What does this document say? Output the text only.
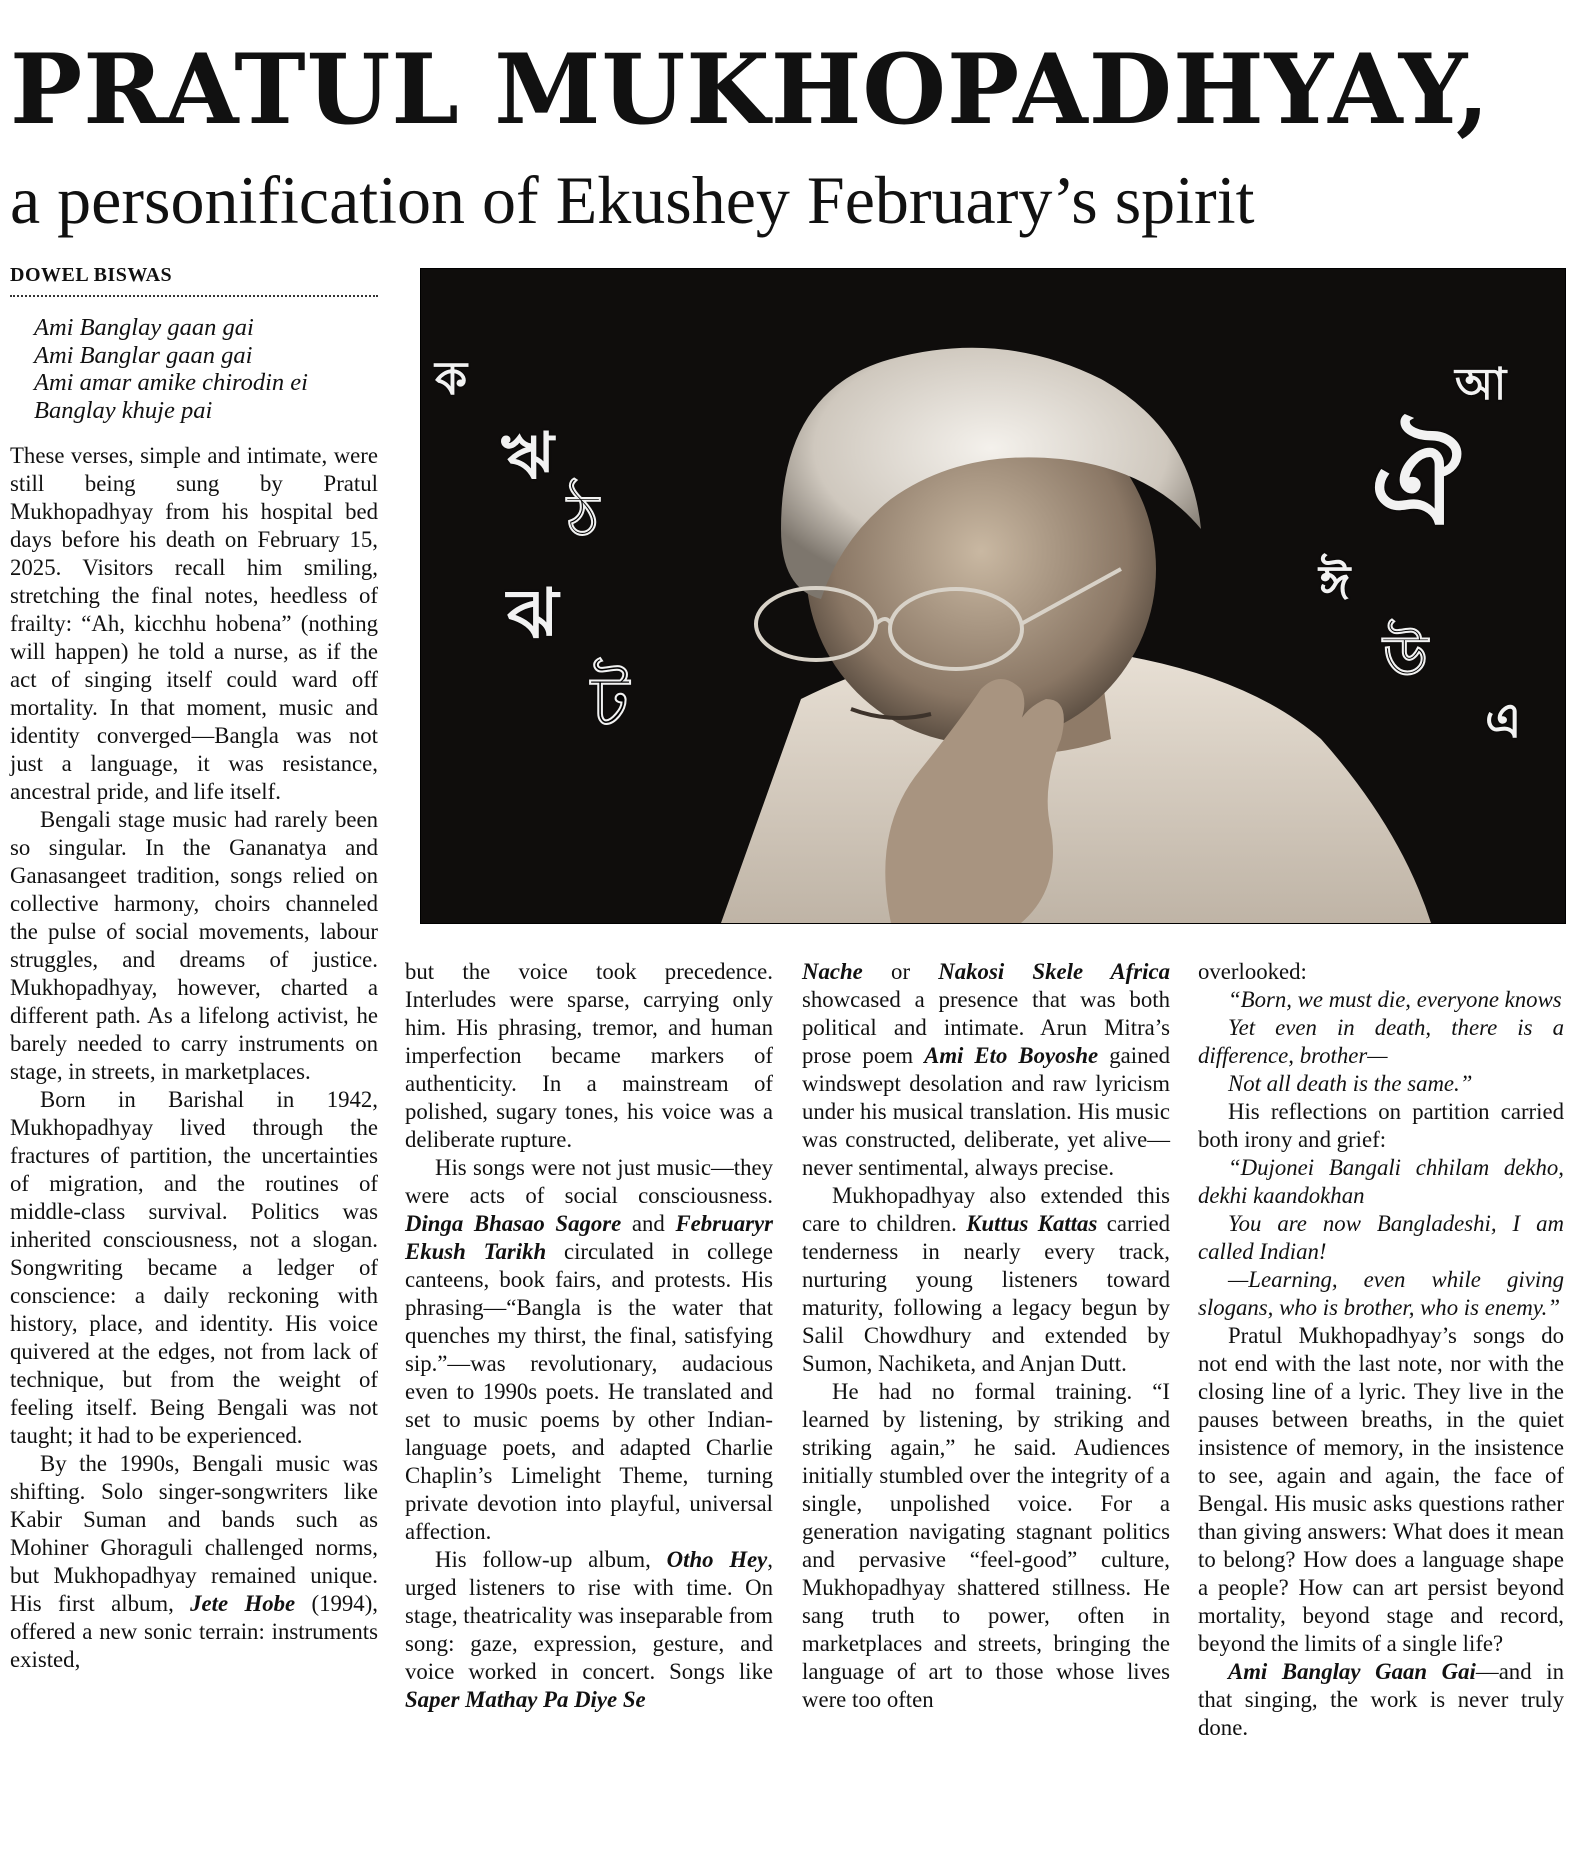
PRATUL MUKHOPADHYAY,
a personification of Ekushey February’s spirit
DOWEL BISWAS
Ami Banglay gaan gai
Ami Banglar gaan gai
Ami amar amike chirodin ei
Banglay khuje pai
ক
ঋ
ঠ
ঝ
ট
আ
ঐ
ঈ
উ
এ

These verses, simple and intimate, were still being sung by Pratul Mukhopadhyay from his hospital bed days before his death on February 15, 2025. Visitors recall him smiling, stretching the final notes, heedless of frailty: “Ah, kicchhu hobena” (nothing will happen) he told a nurse, as if the act of singing itself could ward off mortality. In that moment, music and identity converged—Bangla was not just a language, it was resistance, ancestral pride, and life itself.

Bengali stage music had rarely been so singular. In the Gananatya and Ganasangeet tradition, songs relied on collective harmony, choirs channeled the pulse of social movements, labour struggles, and dreams of justice. Mukhopadhyay, however, charted a different path. As a lifelong activist, he barely needed to carry instruments on stage, in streets, in marketplaces.

Born in Barishal in 1942, Mukhopadhyay lived through the fractures of partition, the uncertainties of migration, and the routines of middle-class survival. Politics was inherited consciousness, not a slogan. Songwriting became a ledger of conscience: a daily reckoning with history, place, and identity. His voice quivered at the edges, not from lack of technique, but from the weight of feeling itself. Being Bengali was not taught; it had to be experienced.

By the 1990s, Bengali music was shifting. Solo singer-songwriters like Kabir Suman and bands such as Mohiner Ghoraguli challenged norms, but Mukhopadhyay remained unique. His first album, Jete Hobe (1994), offered a new sonic terrain: instruments existed,

but the voice took precedence. Interludes were sparse, carrying only him. His phrasing, tremor, and human imperfection became markers of authenticity. In a mainstream of polished, sugary tones, his voice was a deliberate rupture.

His songs were not just music—they were acts of social consciousness. Dinga Bhasao Sagore and Februaryr Ekush Tarikh circulated in college canteens, book fairs, and protests. His phrasing—“Bangla is the water that quenches my thirst, the final, satisfying sip.”—was revolutionary, audacious even to 1990s poets. He translated and set to music poems by other Indian-language poets, and adapted Charlie Chaplin’s Limelight Theme, turning private devotion into playful, universal affection.

His follow-up album, Otho Hey, urged listeners to rise with time. On stage, theatricality was inseparable from song: gaze, expression, gesture, and voice worked in concert. Songs like Saper Mathay Pa Diye Se

Nache or Nakosi Skele Africa showcased a presence that was both political and intimate. Arun Mitra’s prose poem Ami Eto Boyoshe gained windswept desolation and raw lyricism under his musical translation. His music was constructed, deliberate, yet alive—never sentimental, always precise.

Mukhopadhyay also extended this care to children. Kuttus Kattas carried tenderness in nearly every track, nurturing young listeners toward maturity, following a legacy begun by Salil Chowdhury and extended by Sumon, Nachiketa, and Anjan Dutt.

He had no formal training. “I learned by listening, by striking and striking again,” he said. Audiences initially stumbled over the integrity of a single, unpolished voice. For a generation navigating stagnant politics and pervasive “feel-good” culture, Mukhopadhyay shattered stillness. He sang truth to power, often in marketplaces and streets, bringing the language of art to those whose lives were too often

overlooked:

“Born, we must die, everyone knows

Yet even in death, there is a difference, brother—

Not all death is the same.”

His reflections on partition carried both irony and grief:

“Dujonei Bangali chhilam dekho, dekhi kaandokhan

You are now Bangladeshi, I am called Indian!

—Learning, even while giving slogans, who is brother, who is enemy.”

Pratul Mukhopadhyay’s songs do not end with the last note, nor with the closing line of a lyric. They live in the pauses between breaths, in the quiet insistence of memory, in the insistence to see, again and again, the face of Bengal. His music asks questions rather than giving answers: What does it mean to belong? How does a language shape a people? How can art persist beyond mortality, beyond stage and record, beyond the limits of a single life?

Ami Banglay Gaan Gai—and in that singing, the work is never truly done.
